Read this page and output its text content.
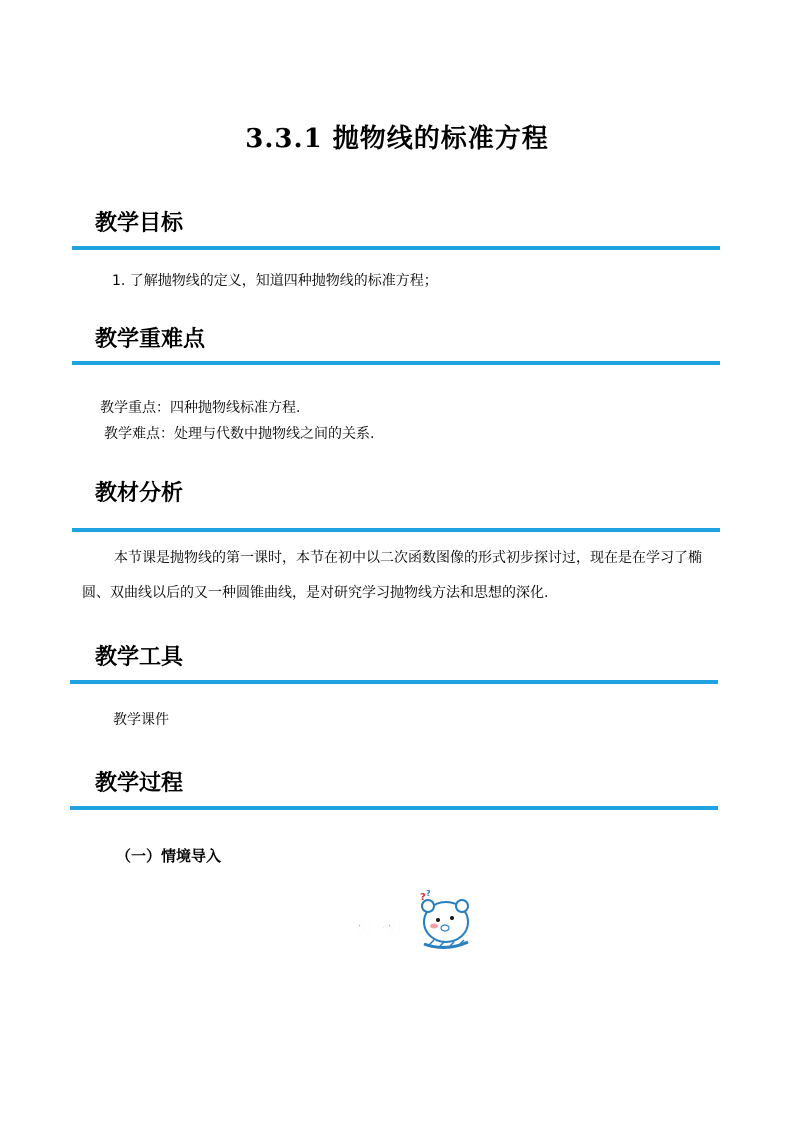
3.3.1 抛物线的标准方程
教学目标
1. 了解抛物线的定义，知道四种抛物线的标准方程；
教学重难点
教学重点：四种抛物线标准方程.
教学难点：处理与代数中抛物线之间的关系.
教材分析
本节课是抛物线的第一课时，本节在初中以二次函数图像的形式初步探讨过，现在是在学习了椭圆、双曲线以后的又一种圆锥曲线，是对研究学习抛物线方法和思想的深化.
教学工具
教学课件
教学过程
（一）情境导入
想一想
? ?
